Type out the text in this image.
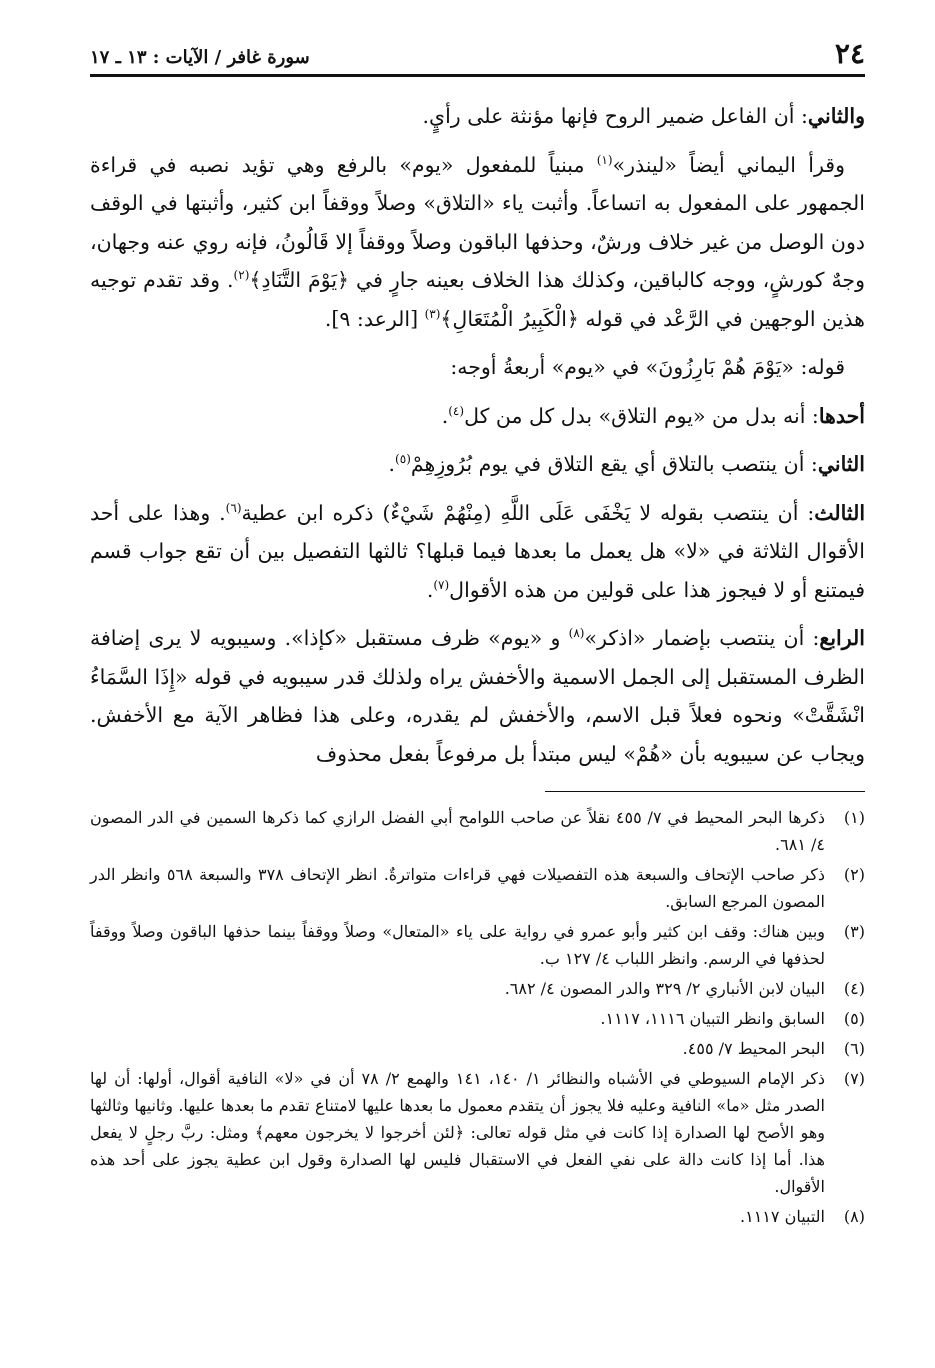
٢٤
سورة غافر / الآيات : ١٣ ـ ١٧

والثاني: أن الفاعل ضمير الروح فإنها مؤنثة على رأيٍ.

وقرأ اليماني أيضاً «لينذر»$^{(١)}$ مبنياً للمفعول «يوم» بالرفع وهي تؤيد نصبه في قراءة الجمهور على المفعول به اتساعاً. وأثبت ياء «التلاق» وصلاً ووقفاً ابن كثير، وأثبتها في الوقف دون الوصل من غير خلاف ورشٌ، وحذفها الباقون وصلاً ووقفاً إلا قَالُونُ، فإنه روي عنه وجهان، وجهٌ كورشٍ، ووجه كالباقين، وكذلك هذا الخلاف بعينه جارٍ في ﴿يَوْمَ التَّنَادِ﴾$^{(٢)}$. وقد تقدم توجيه هذين الوجهين في الرَّعْد في قوله ﴿الْكَبِيرُ الْمُتَعَالِ﴾$^{(٣)}$ [الرعد: ٩].

قوله: «يَوْمَ هُمْ بَارِزُونَ» في «يوم» أربعةُ أوجه:

أحدها: أنه بدل من «يوم التلاق» بدل كل من كل$^{(٤)}$.

الثاني: أن ينتصب بالتلاق أي يقع التلاق في يوم بُرُوزِهِمْ$^{(٥)}$.

الثالث: أن ينتصب بقوله لا يَخْفَى عَلَى اللَّهِ (مِنْهُمْ شَيْءٌ) ذكره ابن عطية$^{(٦)}$. وهذا على أحد الأقوال الثلاثة في «لا» هل يعمل ما بعدها فيما قبلها؟ ثالثها التفصيل بين أن تقع جواب قسم فيمتنع أو لا فيجوز هذا على قولين من هذه الأقوال$^{(٧)}$.

الرابع: أن ينتصب بإضمار «اذكر»$^{(٨)}$ و «يوم» ظرف مستقبل «كإذا». وسيبويه لا يرى إضافة الظرف المستقبل إلى الجمل الاسمية والأخفش يراه ولذلك قدر سيبويه في قوله «إِذَا السَّمَاءُ انْشَقَّتْ» ونحوه فعلاً قبل الاسم، والأخفش لم يقدره، وعلى هذا فظاهر الآية مع الأخفش. ويجاب عن سيبويه بأن «هُمْ» ليس مبتدأ بل مرفوعاً بفعل محذوف

(١)
ذكرها البحر المحيط في ٧/ ٤٥٥ نقلاً عن صاحب اللوامح أبي الفضل الرازي كما ذكرها السمين في الدر المصون ٤/ ٦٨١.
(٢)
ذكر صاحب الإتحاف والسبعة هذه التفصيلات فهي قراءات متواترةٌ. انظر الإتحاف ٣٧٨ والسبعة ٥٦٨ وانظر الدر المصون المرجع السابق.
(٣)
وبين هناك: وقف ابن كثير وأبو عمرو في رواية على ياء «المتعال» وصلاً ووقفاً بينما حذفها الباقون وصلاً ووقفاً لحذفها في الرسم. وانظر اللباب ٤/ ١٢٧ ب.
(٤)
البيان لابن الأنباري ٢/ ٣٢٩ والدر المصون ٤/ ٦٨٢.
(٥)
السابق وانظر التبيان ١١١٦، ١١١٧.
(٦)
البحر المحيط ٧/ ٤٥٥.
(٧)
ذكر الإمام السيوطي في الأشباه والنظائر ١/ ١٤٠، ١٤١ والهمع ٢/ ٧٨ أن في «لا» النافية أقوال، أولها: أن لها الصدر مثل «ما» النافية وعليه فلا يجوز أن يتقدم معمول ما بعدها عليها لامتناع تقدم ما بعدها عليها. وثانيها وثالثها وهو الأصح لها الصدارة إذا كانت في مثل قوله تعالى: ﴿لئن أخرجوا لا يخرجون معهم﴾ ومثل: ربَّ رجلٍ لا يفعل هذا. أما إذا كانت دالة على نفي الفعل في الاستقبال فليس لها الصدارة وقول ابن عطية يجوز على أحد هذه الأقوال.
(٨)
التبيان ١١١٧.
